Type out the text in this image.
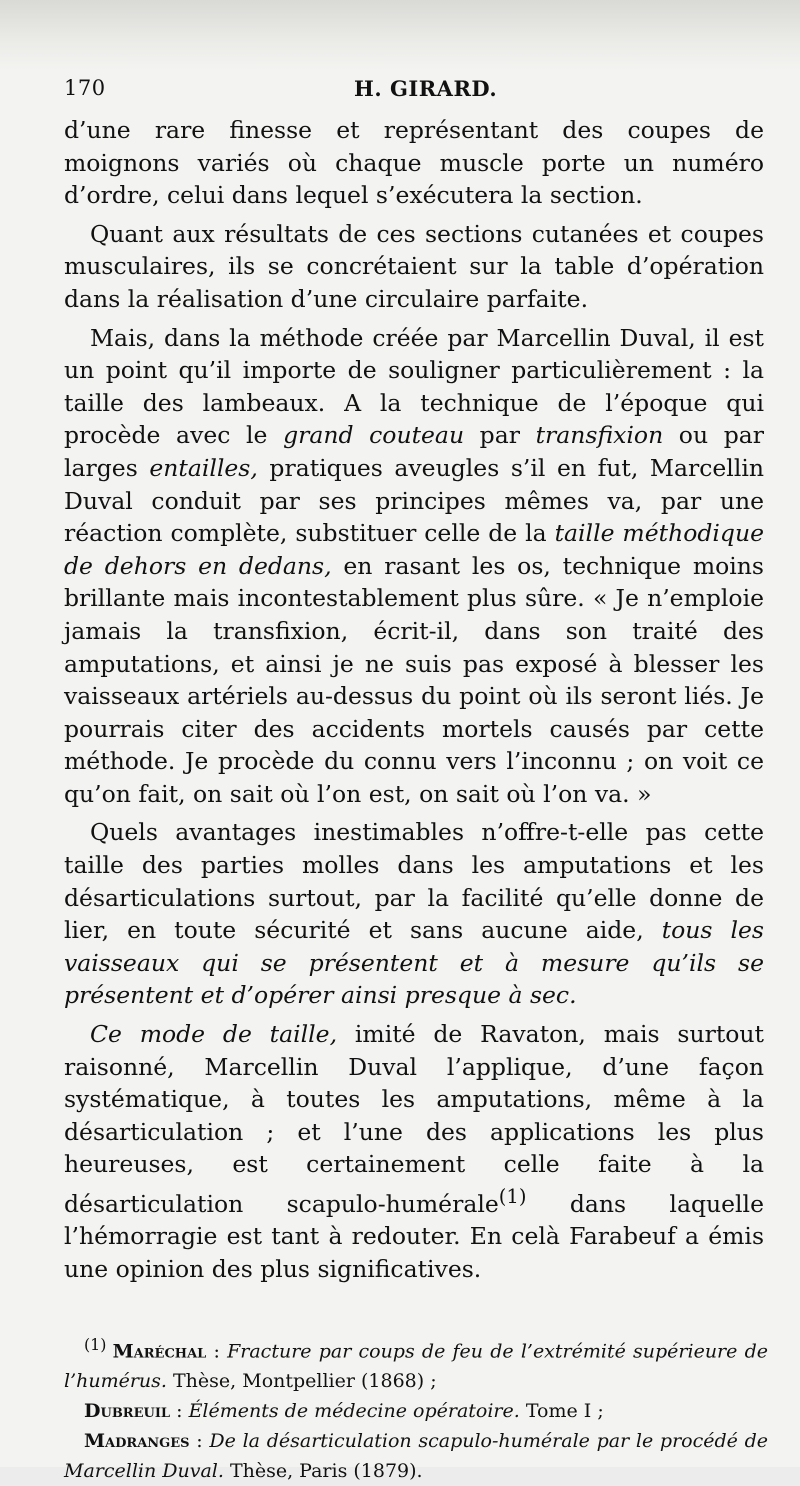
170	H. GIRARD.

d’une rare finesse et représentant des coupes de moignons variés où chaque muscle porte un numéro d’ordre, celui dans lequel s’exécutera la section.

Quant aux résultats de ces sections cutanées et coupes musculaires, ils se concrétaient sur la table d’opération dans la réalisation d’une circulaire parfaite.

Mais, dans la méthode créée par Marcellin Duval, il est un point qu’il importe de souligner particulièrement : la taille des lambeaux. A la technique de l’époque qui procède avec le grand couteau par transfixion ou par larges entailles, pratiques aveugles s’il en fut, Marcellin Duval conduit par ses principes mêmes va, par une réaction complète, substituer celle de la taille méthodique de dehors en dedans, en rasant les os, technique moins brillante mais incontestablement plus sûre. « Je n’emploie jamais la transfixion, écrit-il, dans son traité des amputations, et ainsi je ne suis pas exposé à blesser les vaisseaux artériels au-dessus du point où ils seront liés. Je pourrais citer des accidents mortels causés par cette méthode. Je procède du connu vers l’inconnu ; on voit ce qu’on fait, on sait où l’on est, on sait où l’on va. »

Quels avantages inestimables n’offre-t-elle pas cette taille des parties molles dans les amputations et les désarticulations surtout, par la facilité qu’elle donne de lier, en toute sécurité et sans aucune aide, tous les vaisseaux qui se présentent et à mesure qu’ils se présentent et d’opérer ainsi presque à sec.

Ce mode de taille, imité de Ravaton, mais surtout raisonné, Marcellin Duval l’applique, d’une façon systématique, à toutes les amputations, même à la désarticulation ; et l’une des applications les plus heureuses, est certainement celle faite à la désarticulation scapulo-humérale$^{(1)}$ dans laquelle l’hémorragie est tant à redouter. En celà Farabeuf a émis une opinion des plus significatives.

$^{(1)}$ Maréchal : Fracture par coups de feu de l’extrémité supérieure de l’humérus. Thèse, Montpellier (1868) ;

Dubreuil : Éléments de médecine opératoire. Tome I ;

Madranges : De la désarticulation scapulo-humérale par le procédé de Marcellin Duval. Thèse, Paris (1879).
